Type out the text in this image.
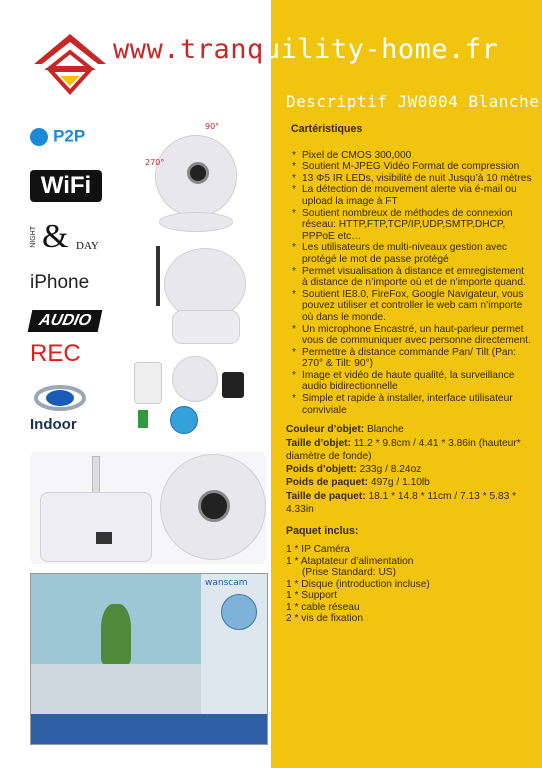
www.tranquility-home.fr
Descriptif JW0004 Blanche
P2P
WiFi
NIGHT & DAY
iPhone
AUDIO
REC
Indoor
90°
270°
wanscam
Cartéristiques
* Pixel de CMOS 300,000
* Soutient M-JPEG Vidéo Format de compression
* 13 Φ5 IR LEDs, visibilité de nuit Jusqu’à 10 mètres
* La détection de mouvement alerte via é-mail ou upload la image à FT
* Soutient nombreux de méthodes de connexion réseau: HTTP,FTP,TCP/IP,UDP,SMTP,DHCP, PPPoE etc…
* Les utilisateurs de multi-niveaux gestion avec protégé le mot de passe protégé
* Permet visualisation à distance et emregistement à distance de n’importe où et de n’importe quand.
* Soutient IE8.0, FireFox, Google Navigateur, vous pouvez utiliser et controller le web cam n’importe où dans le monde.
* Un microphone Encastré, un haut-parleur permet vous de communiquer avec personne directement.
* Permettre à distance commande Pan/ Tilt (Pan: 270° & Tilt: 90°)
* Image et vidéo de haute qualité, la surveillance audio bidirectionnelle
* Simple et rapide à installer, interface utilisateur conviviale
Couleur d’objet: Blanche
Taille d’objet: 11.2 * 9.8cm / 4.41 * 3.86in (hauteur* diamètre de fonde)
Poids d’objett: 233g / 8.24oz
Poids de paquet: 497g / 1.10lb
Taille de paquet: 18.1 * 14.8 * 11cm / 7.13 * 5.83 * 4.33in
Paquet inclus:
1 * IP Caméra
1 * Ataptateur d’alimentation
(Prise Standard: US)
1 * Disque (introduction incluse)
1 * Support
1 * cable réseau
2 * vis de fixation
